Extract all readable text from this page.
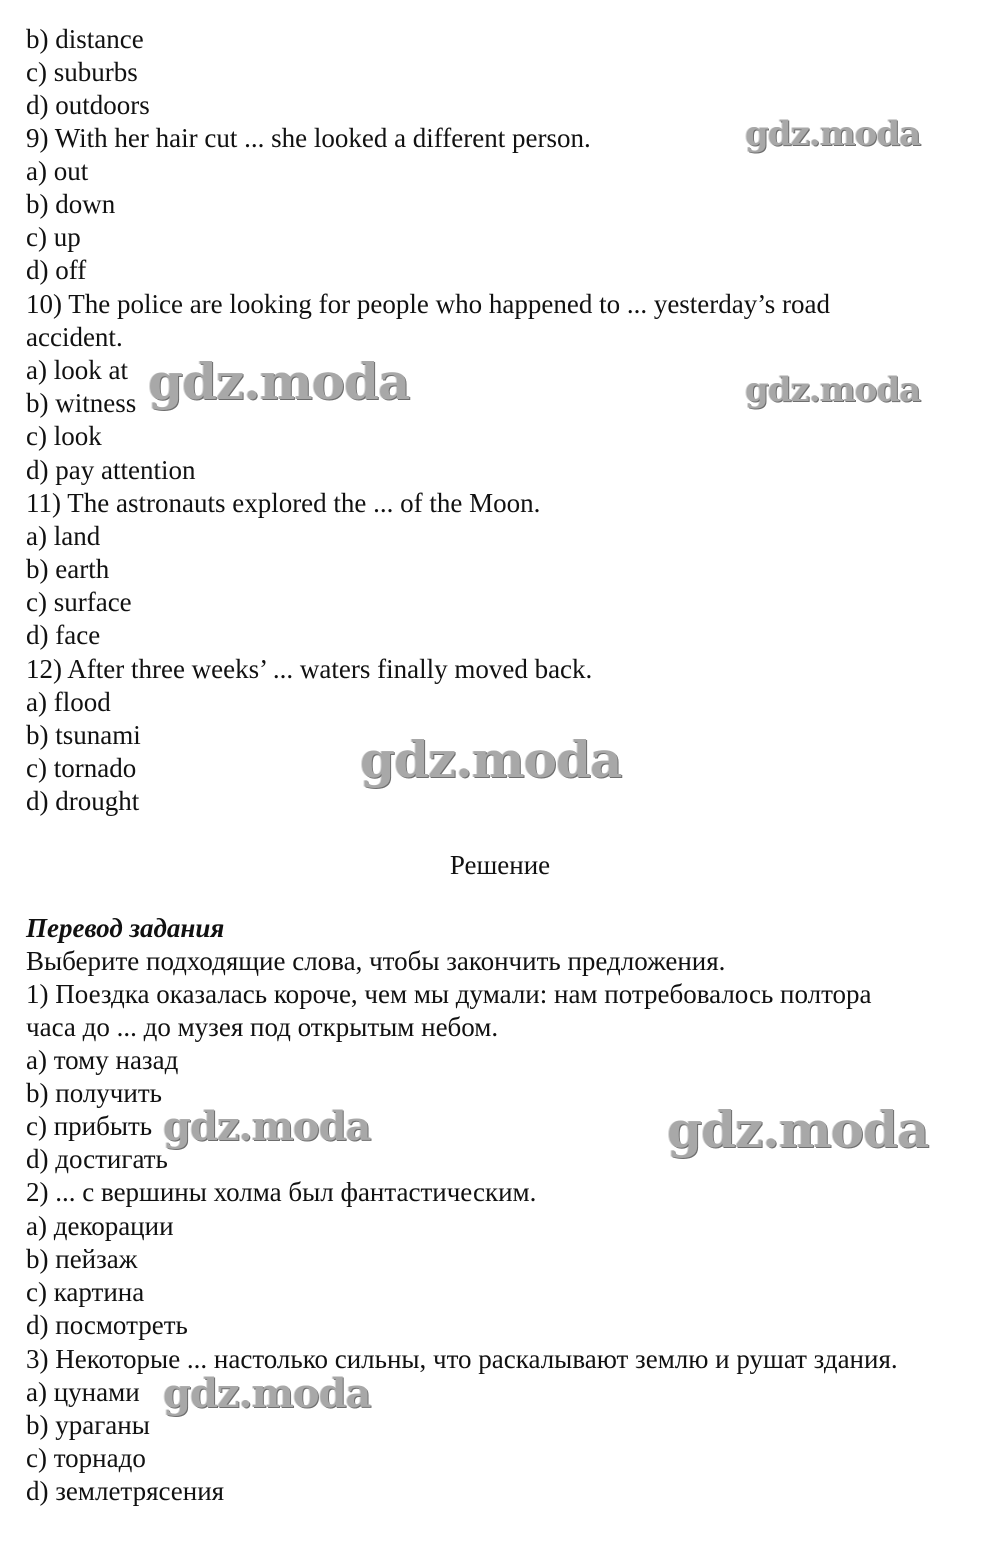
b) distance
c) suburbs
d) outdoors
9) With her hair cut ... she looked a different person.
a) out
b) down
c) up
d) off
10) The police are looking for people who happened to ... yesterday’s road
accident.
a) look at
b) witness
c) look
d) pay attention
11) The astronauts explored the ... of the Moon.
a) land
b) earth
c) surface
d) face
12) After three weeks’ ... waters finally moved back.
a) flood
b) tsunami
c) tornado
d) drought
Решение
Перевод задания
Выберите подходящие слова, чтобы закончить предложения.
1) Поездка оказалась короче, чем мы думали: нам потребовалось полтора
часа до ... до музея под открытым небом.
a) тому назад
b) получить
c) прибыть
d) достигать
2) ... с вершины холма был фантастическим.
a) декорации
b) пейзаж
c) картина
d) посмотреть
3) Некоторые ... настолько сильны, что раскалывают землю и рушат здания.
a) цунами
b) ураганы
c) торнадо
d) землетрясения
gdz.moda
gdz.moda	gdz.moda
gdz.moda
gdz.moda	gdz.moda
gdz.moda
